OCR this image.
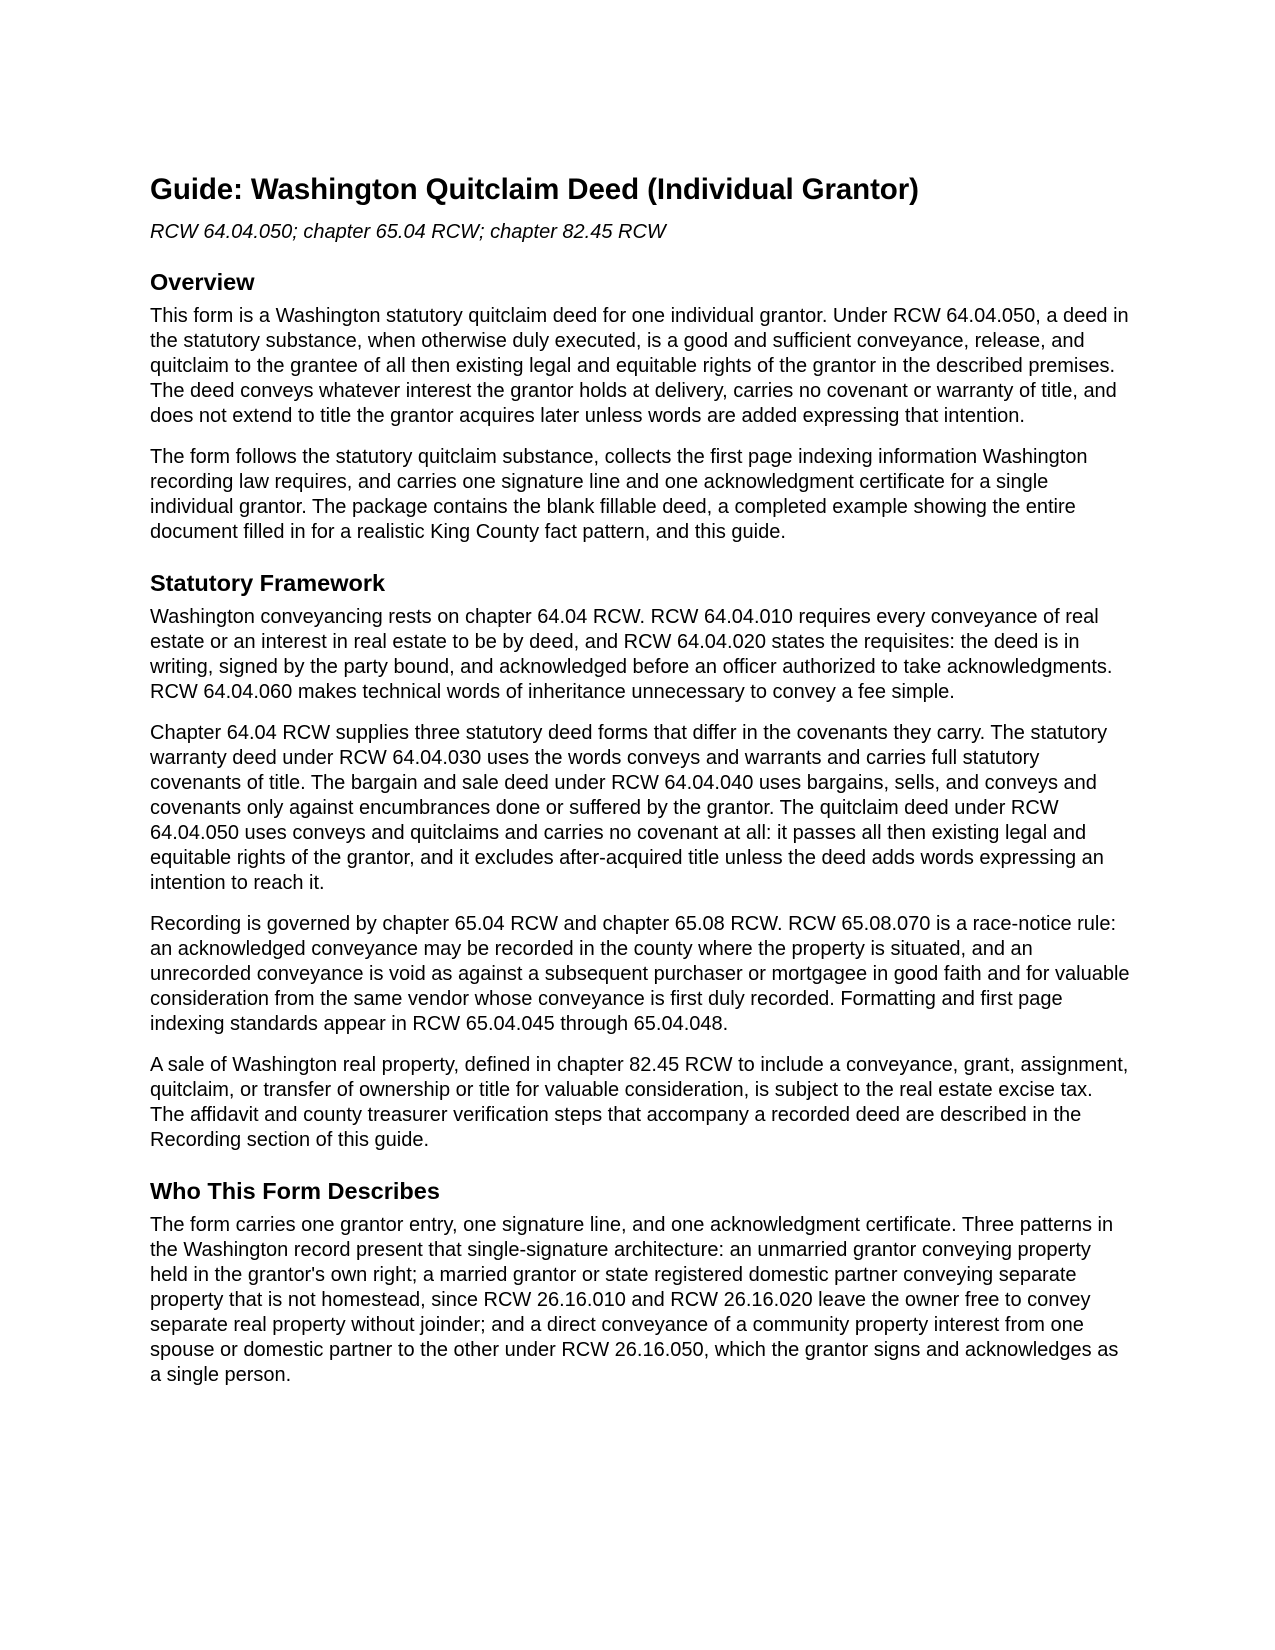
Guide: Washington Quitclaim Deed (Individual Grantor)

RCW 64.04.050; chapter 65.04 RCW; chapter 82.45 RCW

Overview

This form is a Washington statutory quitclaim deed for one individual grantor. Under RCW 64.04.050, a deed in the statutory substance, when otherwise duly executed, is a good and sufficient conveyance, release, and quitclaim to the grantee of all then existing legal and equitable rights of the grantor in the described premises. The deed conveys whatever interest the grantor holds at delivery, carries no covenant or warranty of title, and does not extend to title the grantor acquires later unless words are added expressing that intention.

The form follows the statutory quitclaim substance, collects the first page indexing information Washington recording law requires, and carries one signature line and one acknowledgment certificate for a single individual grantor. The package contains the blank fillable deed, a completed example showing the entire document filled in for a realistic King County fact pattern, and this guide.

Statutory Framework

Washington conveyancing rests on chapter 64.04 RCW. RCW 64.04.010 requires every conveyance of real estate or an interest in real estate to be by deed, and RCW 64.04.020 states the requisites: the deed is in writing, signed by the party bound, and acknowledged before an officer authorized to take acknowledgments. RCW 64.04.060 makes technical words of inheritance unnecessary to convey a fee simple.

Chapter 64.04 RCW supplies three statutory deed forms that differ in the covenants they carry. The statutory warranty deed under RCW 64.04.030 uses the words conveys and warrants and carries full statutory covenants of title. The bargain and sale deed under RCW 64.04.040 uses bargains, sells, and conveys and covenants only against encumbrances done or suffered by the grantor. The quitclaim deed under RCW 64.04.050 uses conveys and quitclaims and carries no covenant at all: it passes all then existing legal and equitable rights of the grantor, and it excludes after-acquired title unless the deed adds words expressing an intention to reach it.

Recording is governed by chapter 65.04 RCW and chapter 65.08 RCW. RCW 65.08.070 is a race-notice rule: an acknowledged conveyance may be recorded in the county where the property is situated, and an unrecorded conveyance is void as against a subsequent purchaser or mortgagee in good faith and for valuable consideration from the same vendor whose conveyance is first duly recorded. Formatting and first page indexing standards appear in RCW 65.04.045 through 65.04.048.

A sale of Washington real property, defined in chapter 82.45 RCW to include a conveyance, grant, assignment, quitclaim, or transfer of ownership or title for valuable consideration, is subject to the real estate excise tax. The affidavit and county treasurer verification steps that accompany a recorded deed are described in the Recording section of this guide.

Who This Form Describes

The form carries one grantor entry, one signature line, and one acknowledgment certificate. Three patterns in the Washington record present that single-signature architecture: an unmarried grantor conveying property held in the grantor's own right; a married grantor or state registered domestic partner conveying separate property that is not homestead, since RCW 26.16.010 and RCW 26.16.020 leave the owner free to convey separate real property without joinder; and a direct conveyance of a community property interest from one spouse or domestic partner to the other under RCW 26.16.050, which the grantor signs and acknowledges as a single person.
